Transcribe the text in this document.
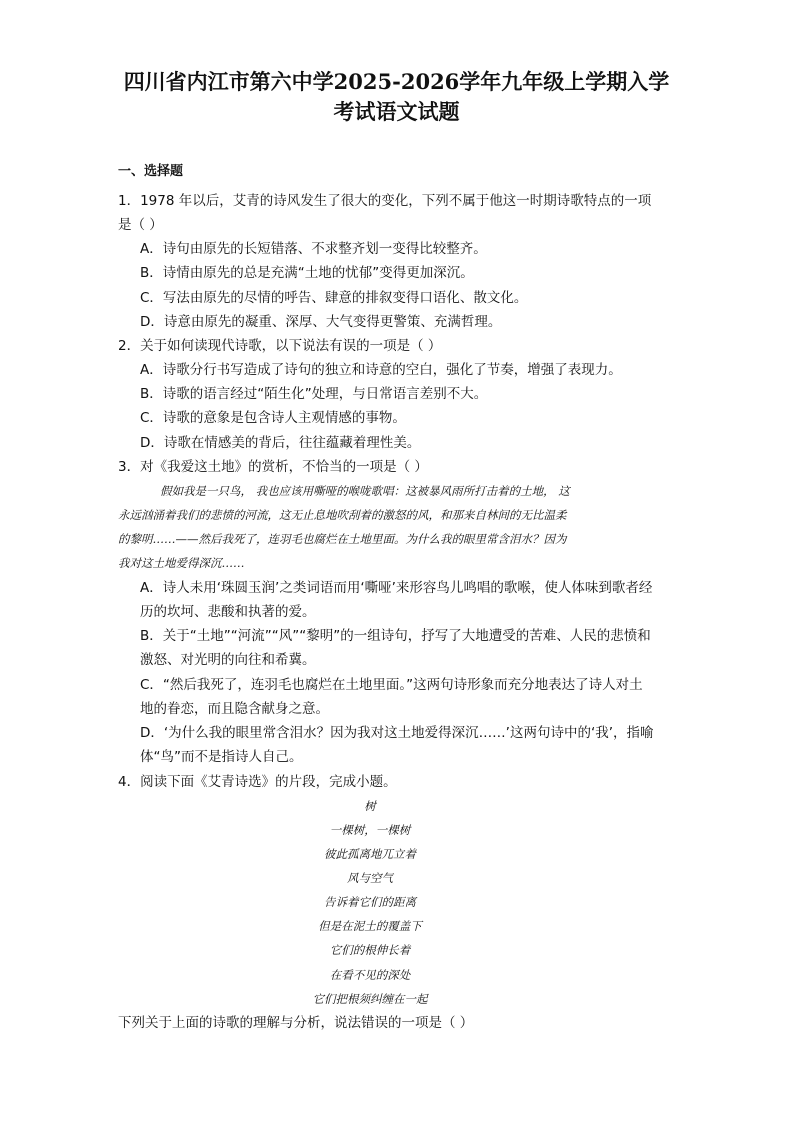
四川省内江市第六中学2025-2026学年九年级上学期入学
考试语文试题
一、选择题
1．1978 年以后，艾青的诗风发生了很大的变化，下列不属于他这一时期诗歌特点的一项
是（ ）
A．诗句由原先的长短错落、不求整齐划一变得比较整齐。
B．诗情由原先的总是充满“土地的忧郁”变得更加深沉。
C．写法由原先的尽情的呼告、肆意的排叙变得口语化、散文化。
D．诗意由原先的凝重、深厚、大气变得更警策、充满哲理。
2．关于如何读现代诗歌，以下说法有误的一项是（ ）
A．诗歌分行书写造成了诗句的独立和诗意的空白，强化了节奏，增强了表现力。
B．诗歌的语言经过“陌生化”处理，与日常语言差别不大。
C．诗歌的意象是包含诗人主观情感的事物。
D．诗歌在情感美的背后，往往蕴藏着理性美。
3．对《我爱这土地》的赏析，不恰当的一项是（ ）
假如我是一只鸟， 我也应该用嘶哑的喉咙歌唱：这被暴风雨所打击着的土地， 这
永远汹涌着我们的悲愤的河流，这无止息地吹刮着的激怒的风，和那来自林间的无比温柔
的黎明……——然后我死了，连羽毛也腐烂在土地里面。为什么我的眼里常含泪水？因为
我对这土地爱得深沉……
A．诗人未用‘珠圆玉润’之类词语而用‘嘶哑’来形容鸟儿鸣唱的歌喉，使人体味到歌者经
历的坎坷、悲酸和执著的爱。
B．关于“土地”“河流”“风”“黎明”的一组诗句，抒写了大地遭受的苦难、人民的悲愤和
激怒、对光明的向往和希冀。
C．“然后我死了，连羽毛也腐烂在土地里面。”这两句诗形象而充分地表达了诗人对土
地的眷恋，而且隐含献身之意。
D．‘为什么我的眼里常含泪水？因为我对这土地爱得深沉……’这两句诗中的‘我’，指喻
体“鸟”而不是指诗人自己。
4．阅读下面《艾青诗选》的片段，完成小题。
树
一棵树，一棵树
彼此孤离地兀立着
风与空气
告诉着它们的距离
但是在泥土的覆盖下
它们的根伸长着
在看不见的深处
它们把根须纠缠在一起
下列关于上面的诗歌的理解与分析，说法错误的一项是（ ）
